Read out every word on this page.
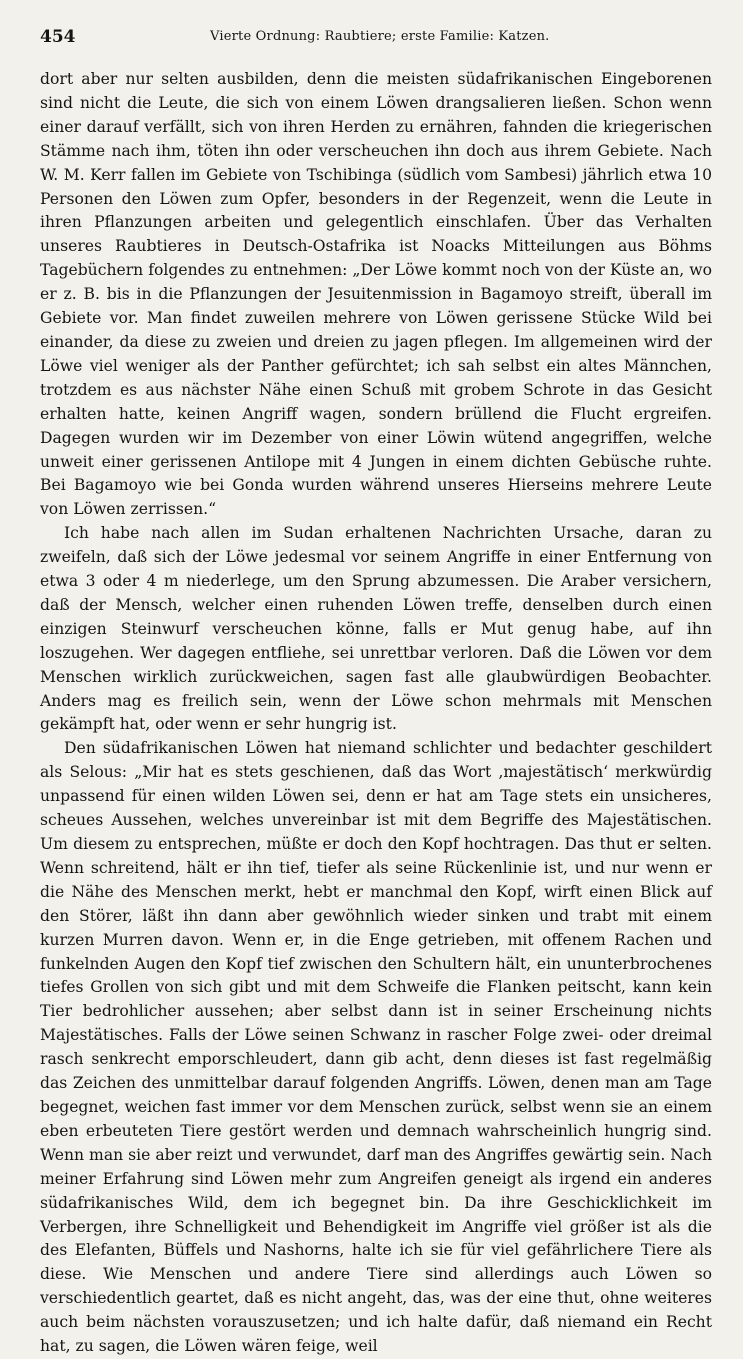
454	Vierte Ordnung: Raubtiere; erste Familie: Katzen.

dort aber nur selten ausbilden, denn die meisten südafrikanischen Eingeborenen sind nicht die Leute, die sich von einem Löwen drangsalieren ließen. Schon wenn einer darauf verfällt, sich von ihren Herden zu ernähren, fahnden die kriegerischen Stämme nach ihm, töten ihn oder verscheuchen ihn doch aus ihrem Gebiete. Nach W. M. Kerr fallen im Gebiete von Tschibinga (südlich vom Sambesi) jährlich etwa 10 Personen den Löwen zum Opfer, besonders in der Regenzeit, wenn die Leute in ihren Pflanzungen arbeiten und gelegentlich einschlafen. Über das Verhalten unseres Raubtieres in Deutsch-Ostafrika ist Noacks Mitteilungen aus Böhms Tagebüchern folgendes zu entnehmen: „Der Löwe kommt noch von der Küste an, wo er z. B. bis in die Pflanzungen der Jesuitenmission in Bagamoyo streift, überall im Gebiete vor. Man findet zuweilen mehrere von Löwen gerissene Stücke Wild bei einander, da diese zu zweien und dreien zu jagen pflegen. Im allgemeinen wird der Löwe viel weniger als der Panther gefürchtet; ich sah selbst ein altes Männchen, trotzdem es aus nächster Nähe einen Schuß mit grobem Schrote in das Gesicht erhalten hatte, keinen Angriff wagen, sondern brüllend die Flucht ergreifen. Dagegen wurden wir im Dezember von einer Löwin wütend angegriffen, welche unweit einer gerissenen Antilope mit 4 Jungen in einem dichten Gebüsche ruhte. Bei Bagamoyo wie bei Gonda wurden während unseres Hierseins mehrere Leute von Löwen zerrissen.“

Ich habe nach allen im Sudan erhaltenen Nachrichten Ursache, daran zu zweifeln, daß sich der Löwe jedesmal vor seinem Angriffe in einer Entfernung von etwa 3 oder 4 m niederlege, um den Sprung abzumessen. Die Araber versichern, daß der Mensch, welcher einen ruhenden Löwen treffe, denselben durch einen einzigen Steinwurf verscheuchen könne, falls er Mut genug habe, auf ihn loszugehen. Wer dagegen entfliehe, sei unrettbar verloren. Daß die Löwen vor dem Menschen wirklich zurückweichen, sagen fast alle glaubwürdigen Beobachter. Anders mag es freilich sein, wenn der Löwe schon mehrmals mit Menschen gekämpft hat, oder wenn er sehr hungrig ist.

Den südafrikanischen Löwen hat niemand schlichter und bedachter geschildert als Selous: „Mir hat es stets geschienen, daß das Wort ‚majestätisch‘ merkwürdig unpassend für einen wilden Löwen sei, denn er hat am Tage stets ein unsicheres, scheues Aussehen, welches unvereinbar ist mit dem Begriffe des Majestätischen. Um diesem zu entsprechen, müßte er doch den Kopf hochtragen. Das thut er selten. Wenn schreitend, hält er ihn tief, tiefer als seine Rückenlinie ist, und nur wenn er die Nähe des Menschen merkt, hebt er manchmal den Kopf, wirft einen Blick auf den Störer, läßt ihn dann aber gewöhnlich wieder sinken und trabt mit einem kurzen Murren davon. Wenn er, in die Enge getrieben, mit offenem Rachen und funkelnden Augen den Kopf tief zwischen den Schultern hält, ein ununterbrochenes tiefes Grollen von sich gibt und mit dem Schweife die Flanken peitscht, kann kein Tier bedrohlicher aussehen; aber selbst dann ist in seiner Erscheinung nichts Majestätisches. Falls der Löwe seinen Schwanz in rascher Folge zwei- oder dreimal rasch senkrecht emporschleudert, dann gib acht, denn dieses ist fast regelmäßig das Zeichen des unmittelbar darauf folgenden Angriffs. Löwen, denen man am Tage begegnet, weichen fast immer vor dem Menschen zurück, selbst wenn sie an einem eben erbeuteten Tiere gestört werden und demnach wahrscheinlich hungrig sind. Wenn man sie aber reizt und verwundet, darf man des Angriffes gewärtig sein. Nach meiner Erfahrung sind Löwen mehr zum Angreifen geneigt als irgend ein anderes südafrikanisches Wild, dem ich begegnet bin. Da ihre Geschicklichkeit im Verbergen, ihre Schnelligkeit und Behendigkeit im Angriffe viel größer ist als die des Elefanten, Büffels und Nashorns, halte ich sie für viel gefährlichere Tiere als diese. Wie Menschen und andere Tiere sind allerdings auch Löwen so verschiedentlich geartet, daß es nicht angeht, das, was der eine thut, ohne weiteres auch beim nächsten vorauszusetzen; und ich halte dafür, daß niemand ein Recht hat, zu sagen, die Löwen wären feige, weil
